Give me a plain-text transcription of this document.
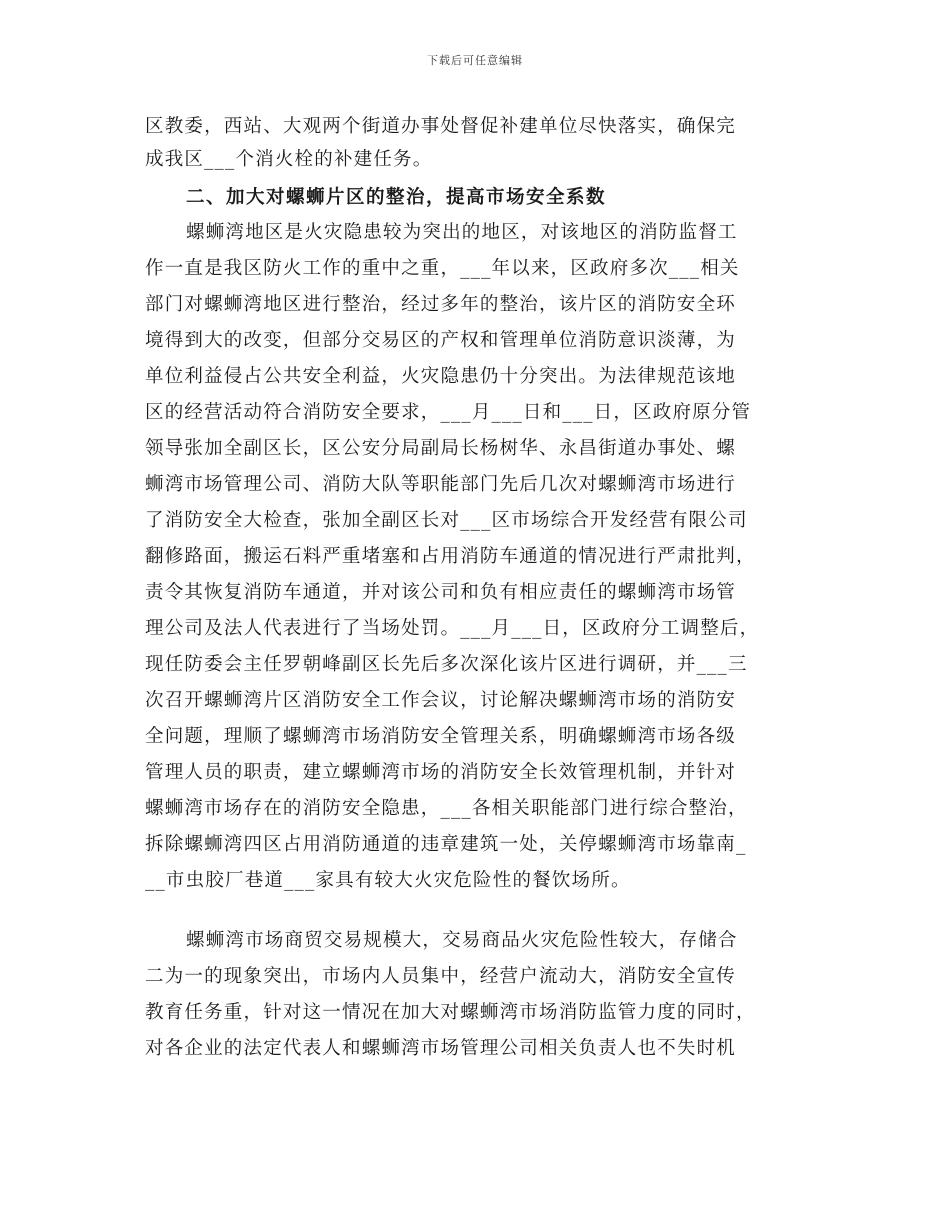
下载后可任意编辑
区教委，西站、大观两个街道办事处督促补建单位尽快落实，确保完
成我区___个消火栓的补建任务。
二、加大对螺蛳片区的整治，提高市场安全系数
螺蛳湾地区是火灾隐患较为突出的地区，对该地区的消防监督工
作一直是我区防火工作的重中之重，___年以来，区政府多次___相关
部门对螺蛳湾地区进行整治，经过多年的整治，该片区的消防安全环
境得到大的改变，但部分交易区的产权和管理单位消防意识淡薄，为
单位利益侵占公共安全利益，火灾隐患仍十分突出。为法律规范该地
区的经营活动符合消防安全要求，___月___日和___日，区政府原分管
领导张加全副区长，区公安分局副局长杨树华、永昌街道办事处、螺
蛳湾市场管理公司、消防大队等职能部门先后几次对螺蛳湾市场进行
了消防安全大检查，张加全副区长对___区市场综合开发经营有限公司
翻修路面，搬运石料严重堵塞和占用消防车通道的情况进行严肃批判，
责令其恢复消防车通道，并对该公司和负有相应责任的螺蛳湾市场管
理公司及法人代表进行了当场处罚。___月___日，区政府分工调整后，
现任防委会主任罗朝峰副区长先后多次深化该片区进行调研，并___三
次召开螺蛳湾片区消防安全工作会议，讨论解决螺蛳湾市场的消防安
全问题，理顺了螺蛳湾市场消防安全管理关系，明确螺蛳湾市场各级
管理人员的职责，建立螺蛳湾市场的消防安全长效管理机制，并针对
螺蛳湾市场存在的消防安全隐患，___各相关职能部门进行综合整治，
拆除螺蛳湾四区占用消防通道的违章建筑一处，关停螺蛳湾市场靠南_
__市虫胶厂巷道___家具有较大火灾危险性的餐饮场所。
螺蛳湾市场商贸交易规模大，交易商品火灾危险性较大，存储合
二为一的现象突出，市场内人员集中，经营户流动大，消防安全宣传
教育任务重，针对这一情况在加大对螺蛳湾市场消防监管力度的同时，
对各企业的法定代表人和螺蛳湾市场管理公司相关负责人也不失时机
